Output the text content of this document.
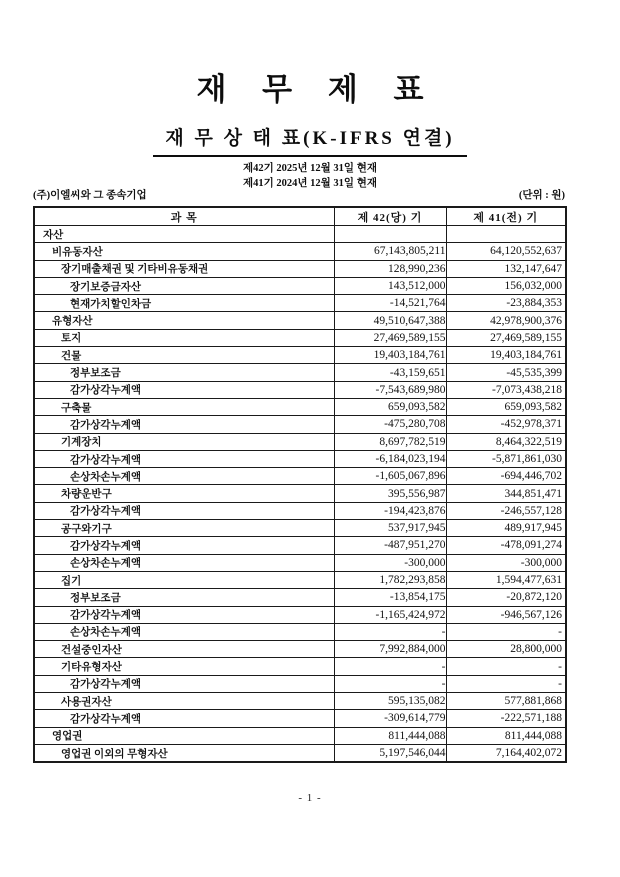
재 무 제 표
재 무 상 태 표(K-IFRS 연결)
제42기 2025년 12월 31일 현재
제41기 2024년 12월 31일 현재
(주)이엘씨와 그 종속기업	(단위 : 원)
과 목	제 42(당) 기	제 41(전) 기
자산		
비유동자산	67,143,805,211	64,120,552,637
장기매출채권 및 기타비유동채권	128,990,236	132,147,647
장기보증금자산	143,512,000	156,032,000
현재가치할인차금	-14,521,764	-23,884,353
유형자산	49,510,647,388	42,978,900,376
토지	27,469,589,155	27,469,589,155
건물	19,403,184,761	19,403,184,761
정부보조금	-43,159,651	-45,535,399
감가상각누계액	-7,543,689,980	-7,073,438,218
구축물	659,093,582	659,093,582
감가상각누계액	-475,280,708	-452,978,371
기계장치	8,697,782,519	8,464,322,519
감가상각누계액	-6,184,023,194	-5,871,861,030
손상차손누계액	-1,605,067,896	-694,446,702
차량운반구	395,556,987	344,851,471
감가상각누계액	-194,423,876	-246,557,128
공구와기구	537,917,945	489,917,945
감가상각누계액	-487,951,270	-478,091,274
손상차손누계액	-300,000	-300,000
집기	1,782,293,858	1,594,477,631
정부보조금	-13,854,175	-20,872,120
감가상각누계액	-1,165,424,972	-946,567,126
손상차손누계액	-	-
건설중인자산	7,992,884,000	28,800,000
기타유형자산	-	-
감가상각누계액	-	-
사용권자산	595,135,082	577,881,868
감가상각누계액	-309,614,779	-222,571,188
영업권	811,444,088	811,444,088
영업권 이외의 무형자산	5,197,546,044	7,164,402,072
- 1 -
